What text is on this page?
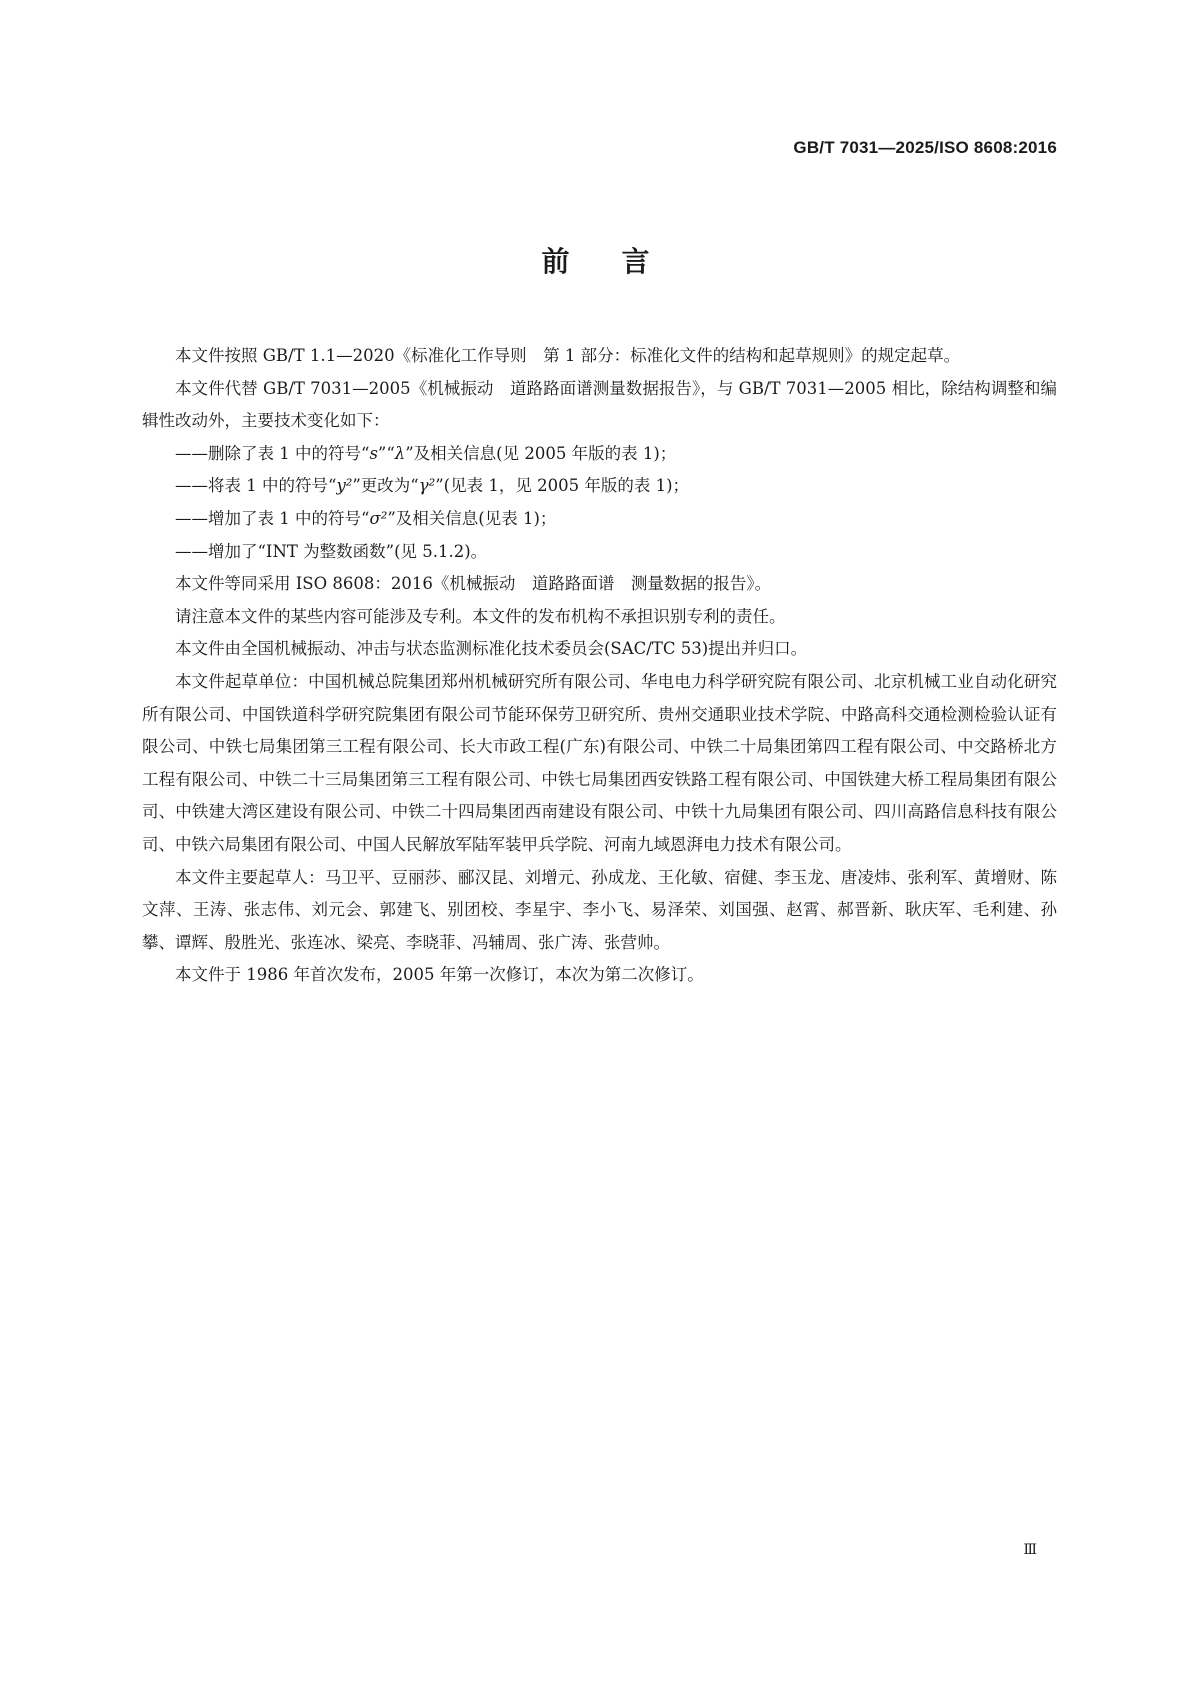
GB/T 7031—2025/ISO 8608:2016
前言

本文件按照 GB/T 1.1—2020《标准化工作导则　第 1 部分：标准化文件的结构和起草规则》的规定起草。

本文件代替 GB/T 7031—2005《机械振动　道路路面谱测量数据报告》，与 GB/T 7031—2005 相比，除结构调整和编辑性改动外，主要技术变化如下：

——删除了表 1 中的符号“s”“λ”及相关信息(见 2005 年版的表 1)；

——将表 1 中的符号“y²”更改为“γ²”(见表 1，见 2005 年版的表 1)；

——增加了表 1 中的符号“σ²”及相关信息(见表 1)；

——增加了“INT 为整数函数”(见 5.1.2)。

本文件等同采用 ISO 8608：2016《机械振动　道路路面谱　测量数据的报告》。

请注意本文件的某些内容可能涉及专利。本文件的发布机构不承担识别专利的责任。

本文件由全国机械振动、冲击与状态监测标准化技术委员会(SAC/TC 53)提出并归口。

本文件起草单位：中国机械总院集团郑州机械研究所有限公司、华电电力科学研究院有限公司、北京机械工业自动化研究所有限公司、中国铁道科学研究院集团有限公司节能环保劳卫研究所、贵州交通职业技术学院、中路高科交通检测检验认证有限公司、中铁七局集团第三工程有限公司、长大市政工程(广东)有限公司、中铁二十局集团第四工程有限公司、中交路桥北方工程有限公司、中铁二十三局集团第三工程有限公司、中铁七局集团西安铁路工程有限公司、中国铁建大桥工程局集团有限公司、中铁建大湾区建设有限公司、中铁二十四局集团西南建设有限公司、中铁十九局集团有限公司、四川高路信息科技有限公司、中铁六局集团有限公司、中国人民解放军陆军装甲兵学院、河南九域恩湃电力技术有限公司。

本文件主要起草人：马卫平、豆丽莎、郦汉昆、刘增元、孙成龙、王化敏、宿健、李玉龙、唐凌炜、张利军、黄增财、陈文萍、王涛、张志伟、刘元会、郭建飞、别团校、李星宇、李小飞、易泽荣、刘国强、赵霄、郝晋新、耿庆军、毛利建、孙攀、谭辉、殷胜光、张连冰、梁亮、李晓菲、冯辅周、张广涛、张营帅。

本文件于 1986 年首次发布，2005 年第一次修订，本次为第二次修订。

Ⅲ
